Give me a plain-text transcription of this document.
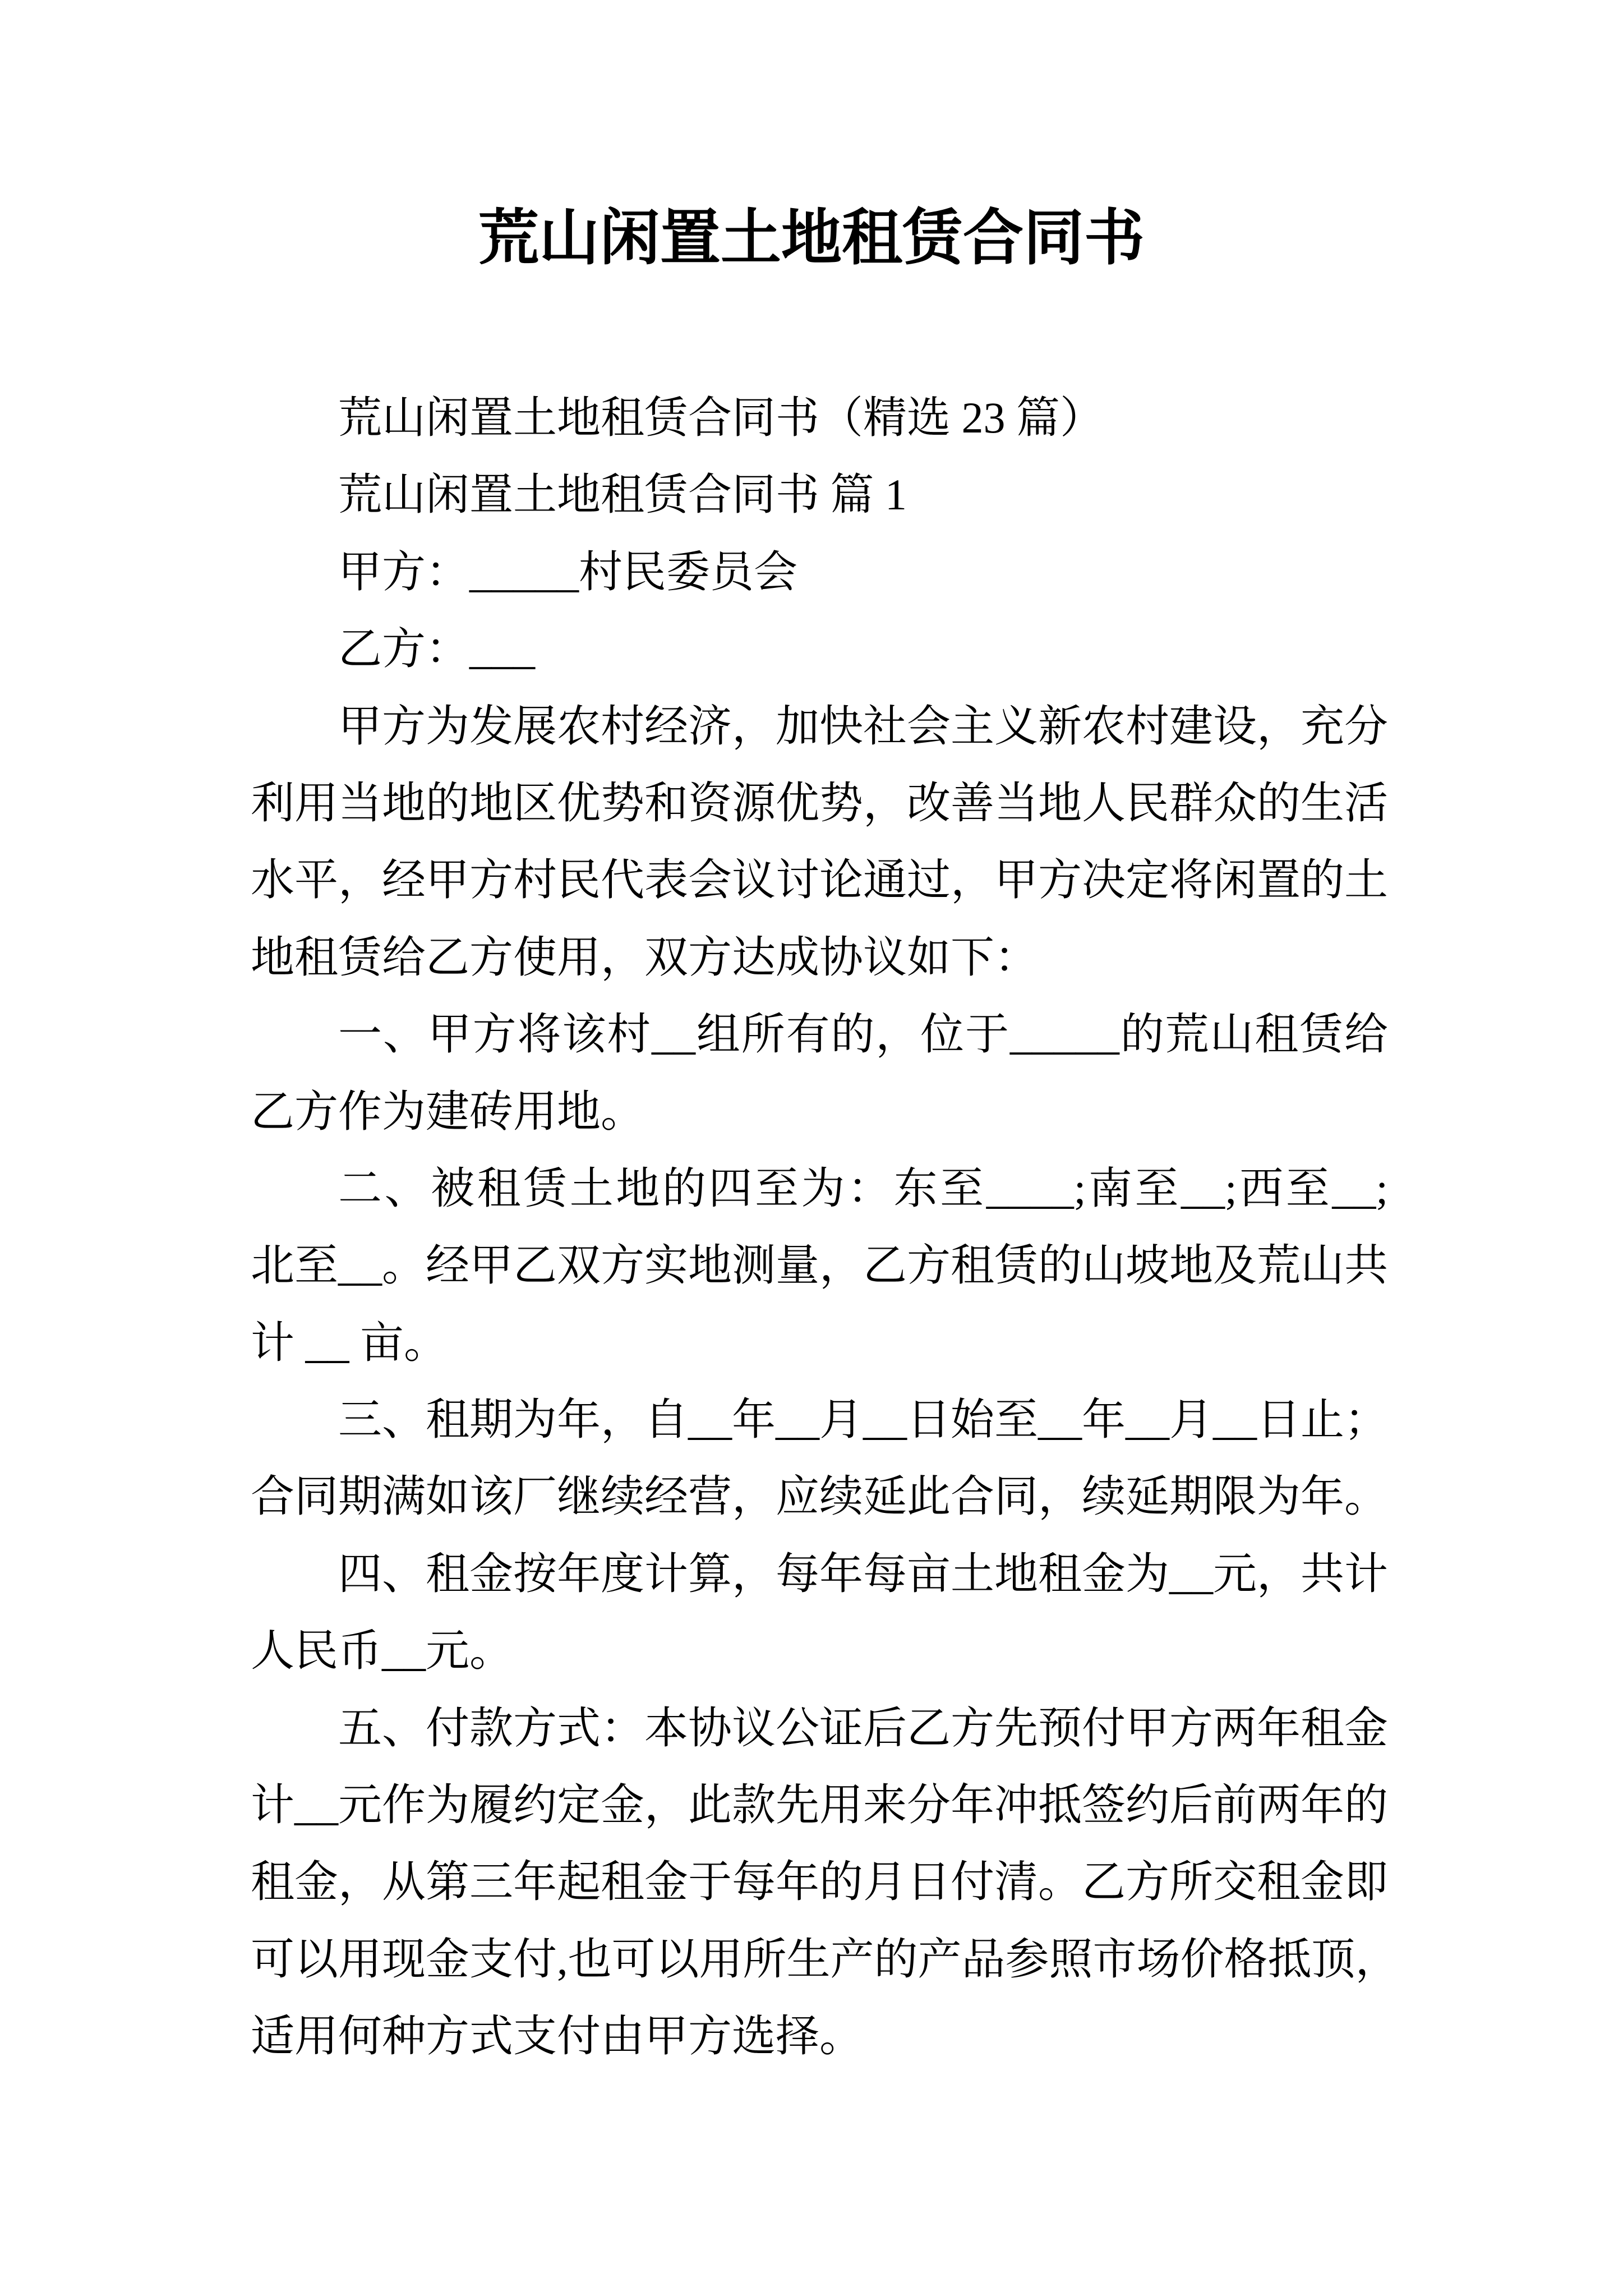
荒山闲置土地租赁合同书
荒山闲置土地租赁合同书（精选 23 篇）
荒山闲置土地租赁合同书 篇 1
甲方：_____村民委员会
乙方：___
甲方为发展农村经济，加快社会主义新农村建设，充分
利用当地的地区优势和资源优势，改善当地人民群众的生活
水平，经甲方村民代表会议讨论通过，甲方决定将闲置的土
地租赁给乙方使用，双方达成协议如下：
一、甲方将该村__组所有的，位于_____的荒山租赁给
乙方作为建砖用地。
二、被租赁土地的四至为：东至____;南至__;西至__;
北至__。经甲乙双方实地测量，乙方租赁的山坡地及荒山共
计 __ 亩。
三、租期为年，自__年__月__日始至__年__月__日止；
合同期满如该厂继续经营，应续延此合同，续延期限为年。
四、租金按年度计算，每年每亩土地租金为__元，共计
人民币__元。
五、付款方式：本协议公证后乙方先预付甲方两年租金
计__元作为履约定金，此款先用来分年冲抵签约后前两年的
租金，从第三年起租金于每年的月日付清。乙方所交租金即
可以用现金支付,也可以用所生产的产品参照市场价格抵顶，
适用何种方式支付由甲方选择。
